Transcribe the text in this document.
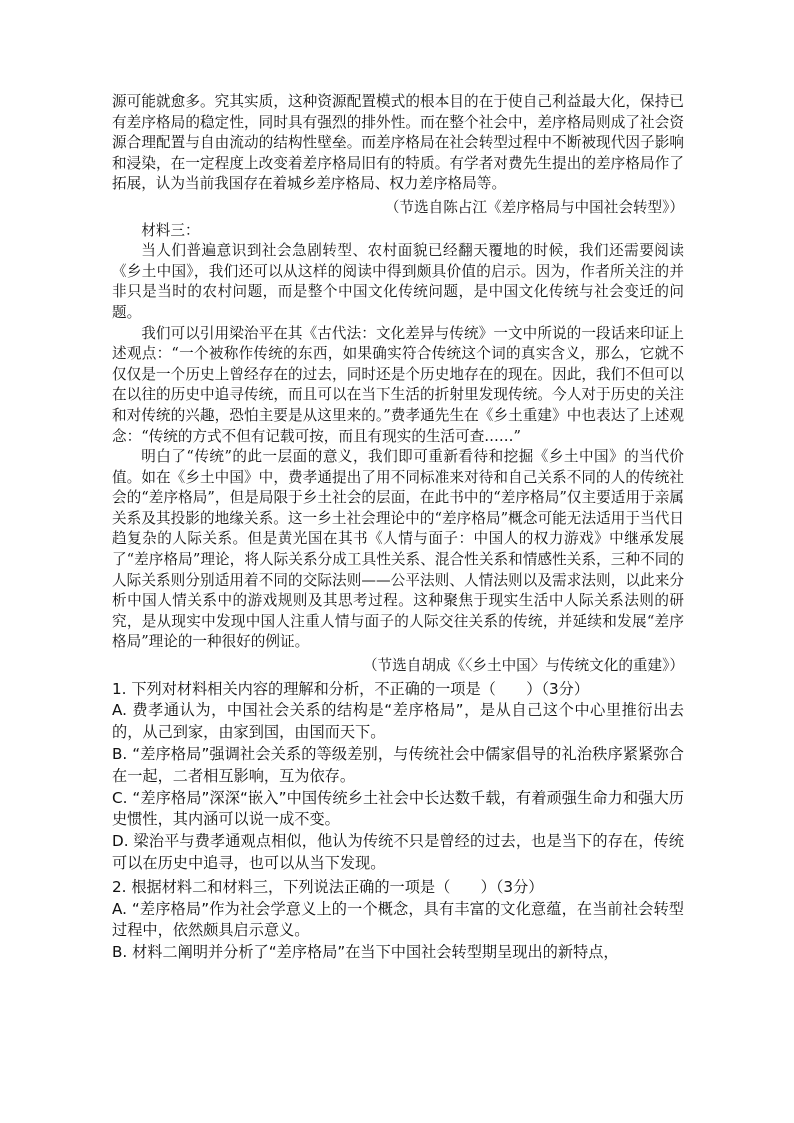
源可能就愈多。究其实质，这种资源配置模式的根本目的在于使自己利益最大化，保持已有差序格局的稳定性，同时具有强烈的排外性。而在整个社会中，差序格局则成了社会资源合理配置与自由流动的结构性壁垒。而差序格局在社会转型过程中不断被现代因子影响和浸染，在一定程度上改变着差序格局旧有的特质。有学者对费先生提出的差序格局作了拓展，认为当前我国存在着城乡差序格局、权力差序格局等。

（节选自陈占江《差序格局与中国社会转型》）

材料三：

当人们普遍意识到社会急剧转型、农村面貌已经翻天覆地的时候，我们还需要阅读《乡土中国》，我们还可以从这样的阅读中得到颇具价值的启示。因为，作者所关注的并非只是当时的农村问题，而是整个中国文化传统问题，是中国文化传统与社会变迁的问题。

我们可以引用梁治平在其《古代法：文化差异与传统》一文中所说的一段话来印证上述观点：“一个被称作传统的东西，如果确实符合传统这个词的真实含义，那么，它就不仅仅是一个历史上曾经存在的过去，同时还是个历史地存在的现在。因此，我们不但可以在以往的历史中追寻传统，而且可以在当下生活的折射里发现传统。今人对于历史的关注和对传统的兴趣，恐怕主要是从这里来的。”费孝通先生在《乡土重建》中也表达了上述观念：“传统的方式不但有记载可按，而且有现实的生活可查……”

明白了“传统”的此一层面的意义，我们即可重新看待和挖掘《乡土中国》的当代价值。如在《乡土中国》中，费孝通提出了用不同标准来对待和自己关系不同的人的传统社会的“差序格局”，但是局限于乡土社会的层面，在此书中的“差序格局”仅主要适用于亲属关系及其投影的地缘关系。这一乡土社会理论中的“差序格局”概念可能无法适用于当代日趋复杂的人际关系。但是黄光国在其书《人情与面子：中国人的权力游戏》中继承发展了“差序格局”理论，将人际关系分成工具性关系、混合性关系和情感性关系，三种不同的人际关系则分别适用着不同的交际法则——公平法则、人情法则以及需求法则，以此来分析中国人情关系中的游戏规则及其思考过程。这种聚焦于现实生活中人际关系法则的研究，是从现实中发现中国人注重人情与面子的人际交往关系的传统，并延续和发展“差序格局”理论的一种很好的例证。

（节选自胡成《〈乡土中国〉与传统文化的重建》）

1. 下列对材料相关内容的理解和分析，不正确的一项是（　　）（3分）

A. 费孝通认为，中国社会关系的结构是“差序格局”，是从自己这个中心里推衍出去的，从己到家，由家到国，由国而天下。

B. “差序格局”强调社会关系的等级差别，与传统社会中儒家倡导的礼治秩序紧紧弥合在一起，二者相互影响，互为依存。

C. “差序格局”深深“嵌入”中国传统乡土社会中长达数千载，有着顽强生命力和强大历史惯性，其内涵可以说一成不变。

D. 梁治平与费孝通观点相似，他认为传统不只是曾经的过去，也是当下的存在，传统可以在历史中追寻，也可以从当下发现。

2. 根据材料二和材料三，下列说法正确的一项是（　　）（3分）

A. “差序格局”作为社会学意义上的一个概念，具有丰富的文化意蕴，在当前社会转型过程中，依然颇具启示意义。

B. 材料二阐明并分析了“差序格局”在当下中国社会转型期呈现出的新特点，
